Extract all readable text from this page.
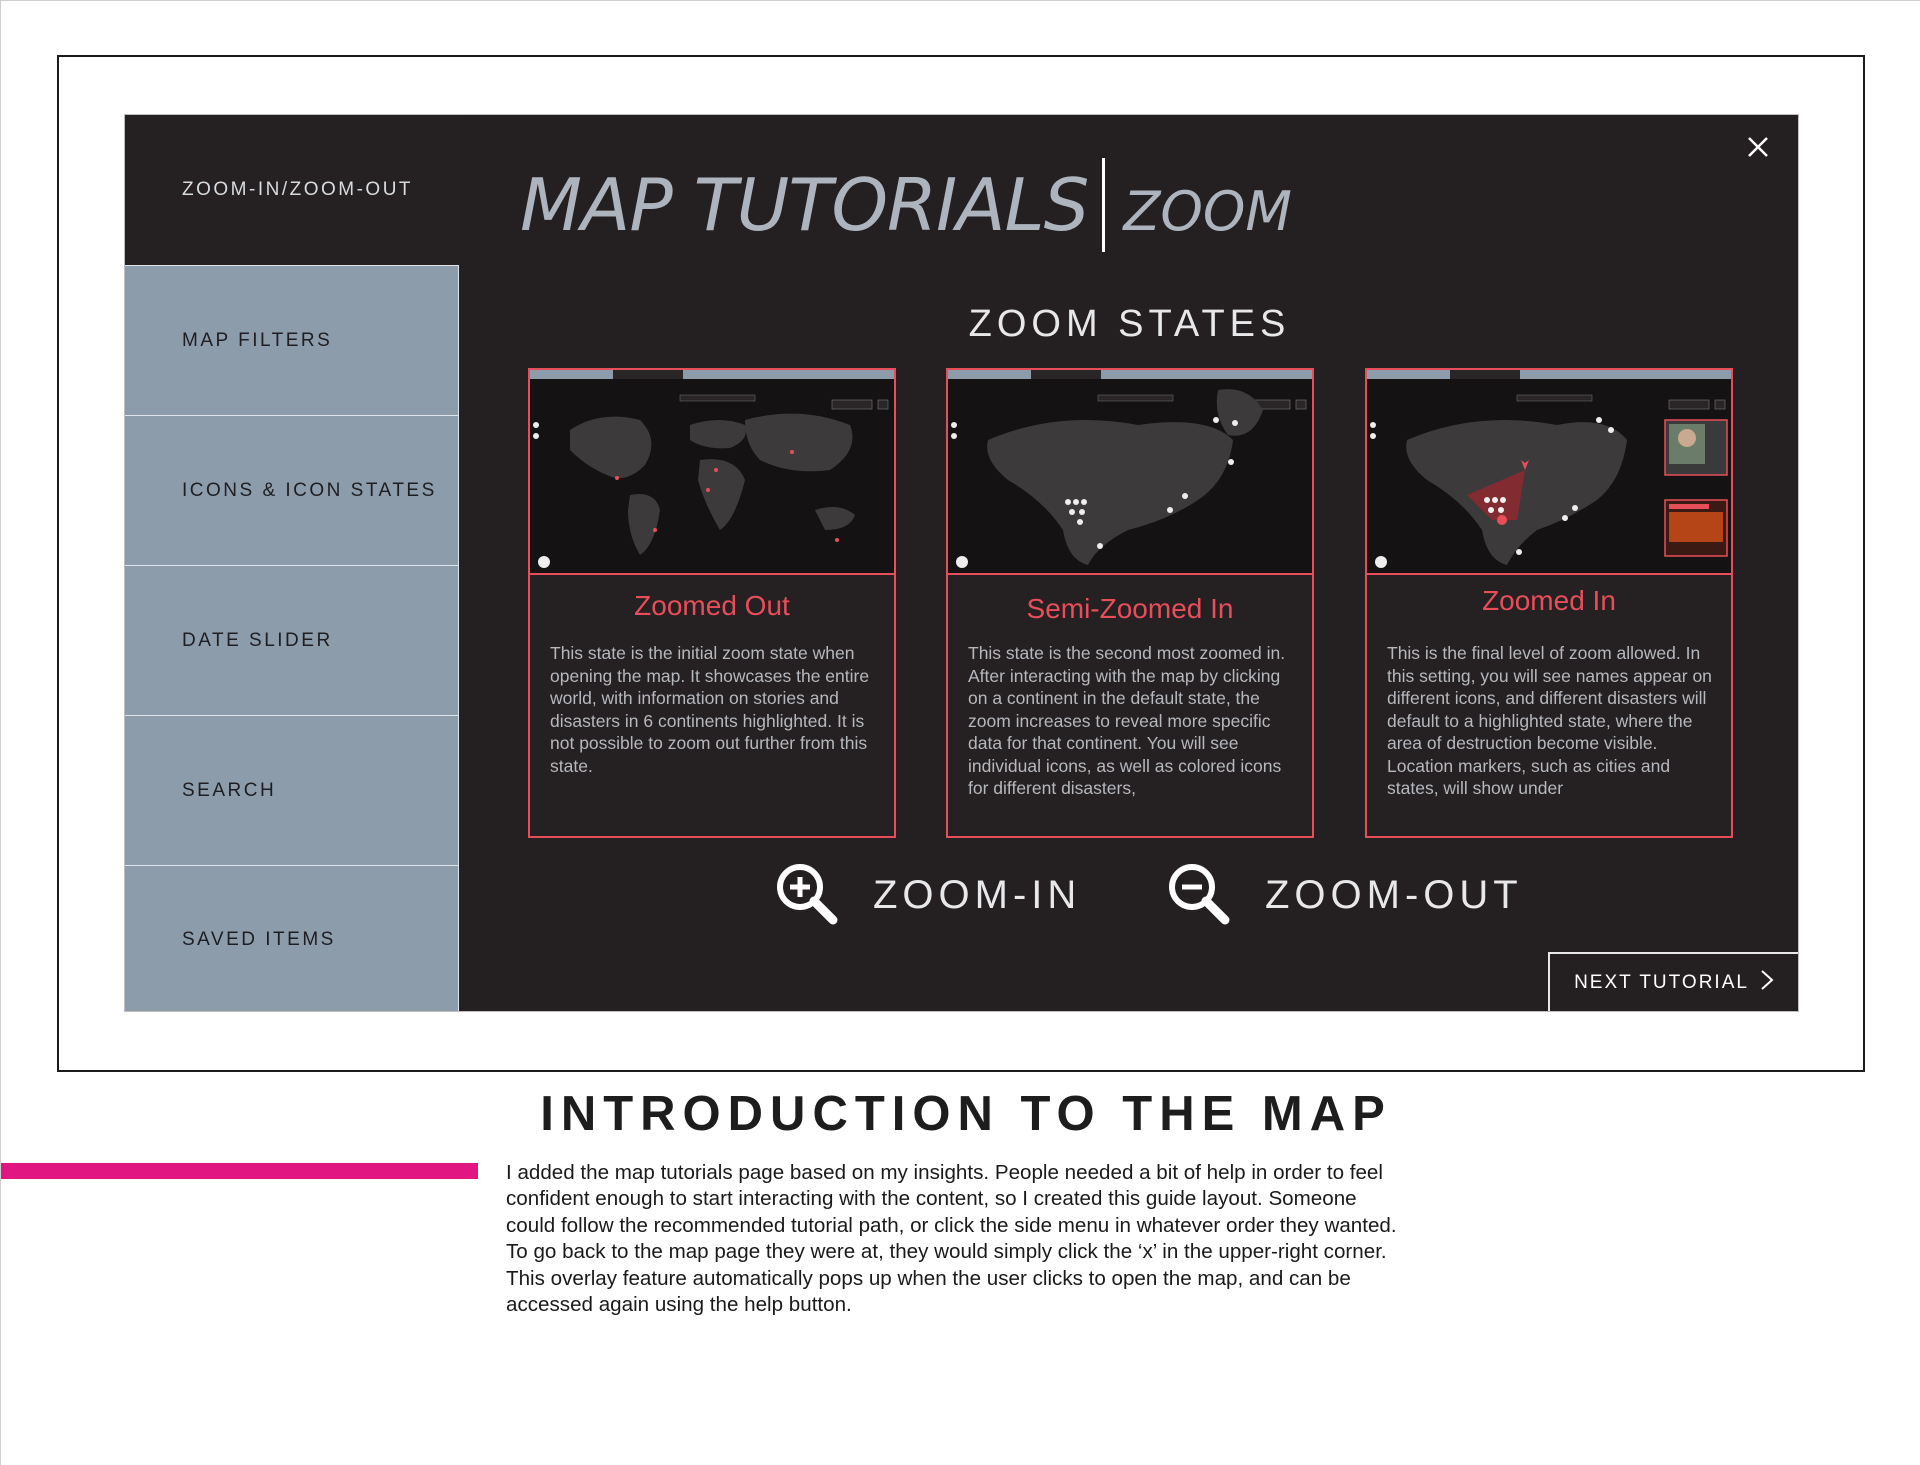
ZOOM-IN/ZOOM-OUT
MAP FILTERS
ICONS & ICON STATES
DATE SLIDER
SEARCH
SAVED ITEMS
MAP TUTORIALS ZOOM
ZOOM STATES
Zoomed Out
This state is the initial zoom state when opening the map. It showcases the entire world, with information on stories and disasters in 6 continents highlighted. It is not possible to zoom out further from this state.
Semi-Zoomed In
This state is the second most zoomed in. After interacting with the map by clicking on a continent in the default state, the zoom increases to reveal more specific data for that continent. You will see individual icons, as well as colored icons for different disasters,
Zoomed In
This is the final level of zoom allowed. In this setting, you will see names appear on different icons, and different disasters will default to a highlighted state, where the area of destruction become visible. Location markers, such as cities and states, will show under
ZOOM-IN	ZOOM-OUT
NEXT TUTORIAL
INTRODUCTION TO THE MAP
I added the map tutorials page based on my insights. People needed a bit of help in order to feel confident enough to start interacting with the content, so I created this guide layout. Someone could follow the recommended tutorial path, or click the side menu in whatever order they wanted. To go back to the map page they were at, they would simply click the ‘x’ in the upper-right corner. This overlay feature automatically pops up when the user clicks to open the map, and can be accessed again using the help button.
